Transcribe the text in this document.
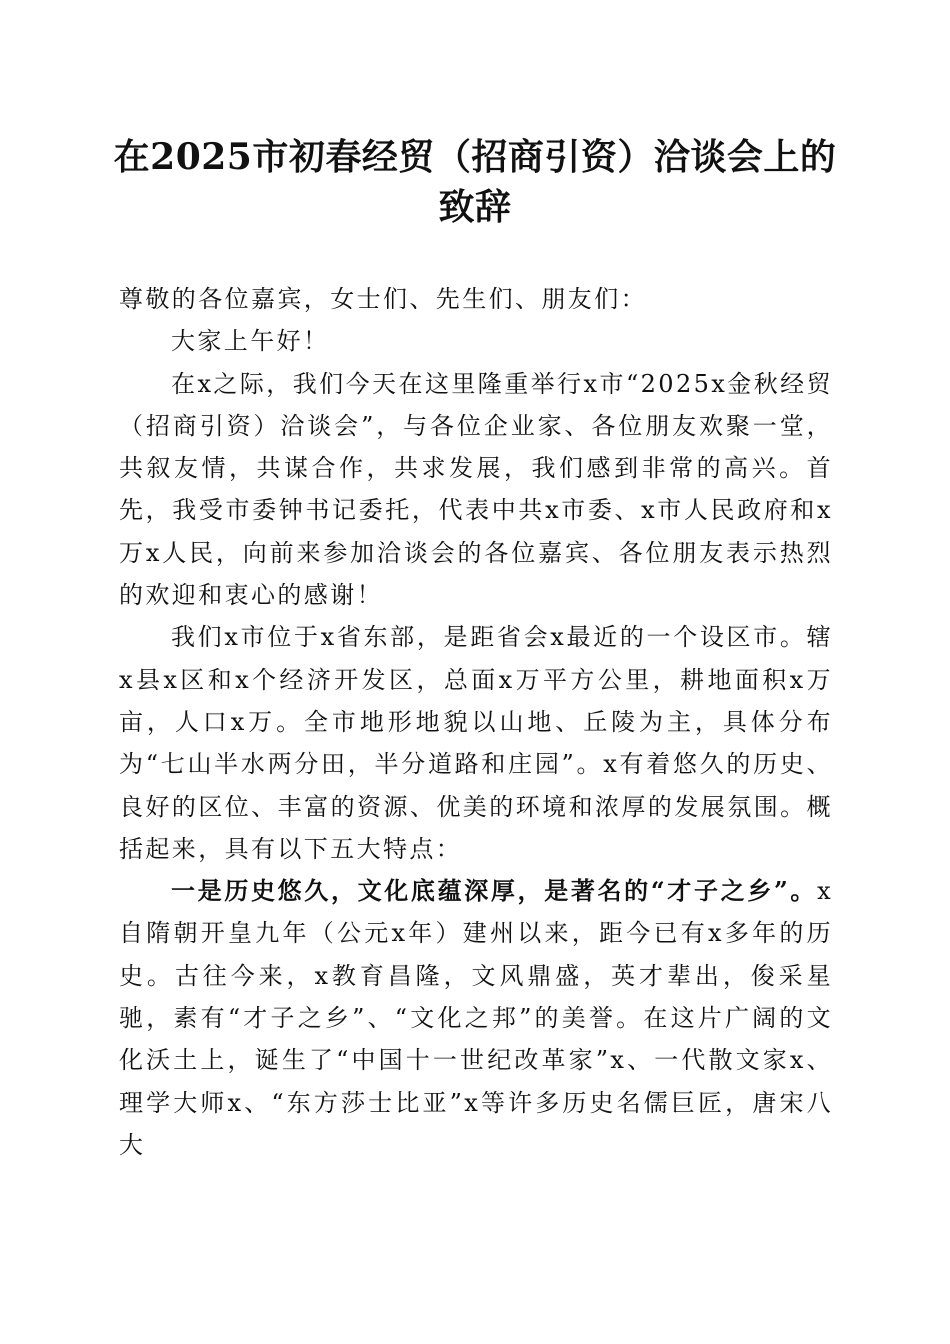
在2025市初春经贸（招商引资）洽谈会上的
致辞

尊敬的各位嘉宾，女士们、先生们、朋友们：

大家上午好！

在x之际，我们今天在这里隆重举行x市“2025x金秋经贸（招商引资）洽谈会”，与各位企业家、各位朋友欢聚一堂，共叙友情，共谋合作，共求发展，我们感到非常的高兴。首先，我受市委钟书记委托，代表中共x市委、x市人民政府和x万x人民，向前来参加洽谈会的各位嘉宾、各位朋友表示热烈的欢迎和衷心的感谢！

我们x市位于x省东部，是距省会x最近的一个设区市。辖x县x区和x个经济开发区，总面x万平方公里，耕地面积x万亩，人口x万。全市地形地貌以山地、丘陵为主，具体分布为“七山半水两分田，半分道路和庄园”。x有着悠久的历史、良好的区位、丰富的资源、优美的环境和浓厚的发展氛围。概括起来，具有以下五大特点：

一是历史悠久，文化底蕴深厚，是著名的“才子之乡”。x自隋朝开皇九年（公元x年）建州以来，距今已有x多年的历史。古往今来，x教育昌隆，文风鼎盛，英才辈出，俊采星驰，素有“才子之乡”、“文化之邦”的美誉。在这片广阔的文化沃土上，诞生了“中国十一世纪改革家”x、一代散文家x、理学大师x、“东方莎士比亚”x等许多历史名儒巨匠，唐宋八大
